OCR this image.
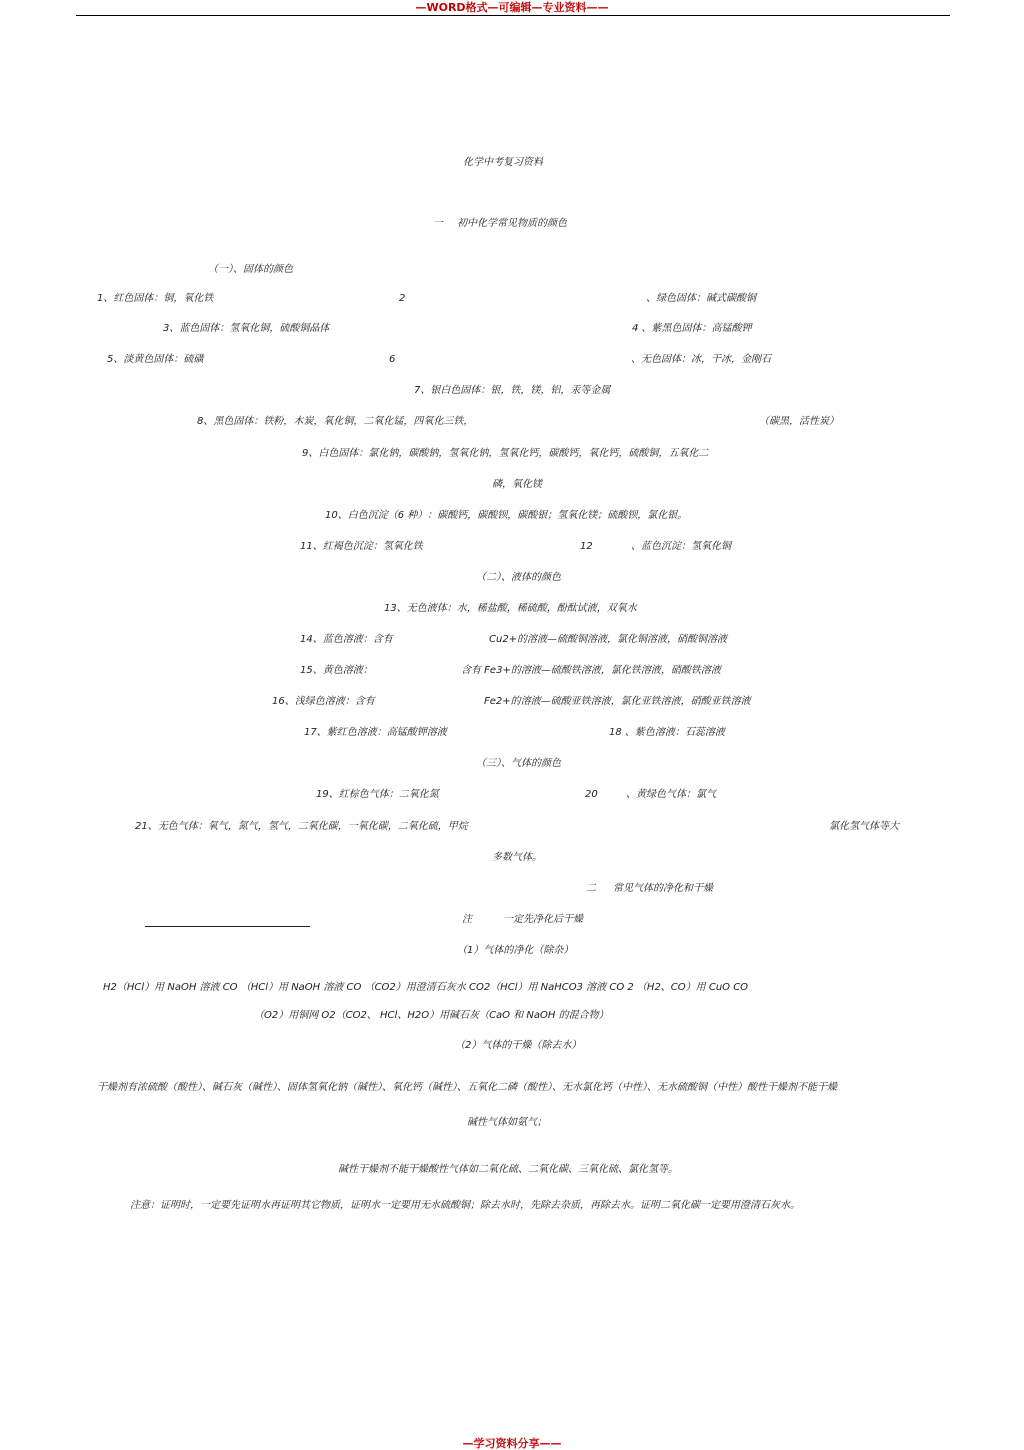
—WORD格式—可编辑—专业资料——
化学中考复习资料
一 初中化学常见物质的颜色
（一）、固体的颜色
1、红色固体：铜，氧化铁	2	、绿色固体：碱式碳酸铜
3、蓝色固体：氢氧化铜，硫酸铜晶体	4 、紫黑色固体：高锰酸钾
5、淡黄色固体：硫磺	6	、无色固体：冰，干冰，金刚石
7、银白色固体：银，铁，镁，铝，汞等金属
8、黑色固体：铁粉，木炭，氧化铜，二氧化锰，四氧化三铁，	（碳黑，活性炭）
9、白色固体：氯化钠，碳酸钠，氢氧化钠，氢氧化钙，碳酸钙，氧化钙，硫酸铜，五氧化二
磷，氧化镁
10、白色沉淀（6 种）：碳酸钙，碳酸钡，碳酸银；氢氧化镁；硫酸钡，氯化银。
11、红褐色沉淀：氢氧化铁	12	、蓝色沉淀：氢氧化铜
（二）、液体的颜色
13、无色液体：水，稀盐酸，稀硫酸，酚酞试液，双氧水
14、蓝色溶液：含有	Cu2+的溶液—硫酸铜溶液，氯化铜溶液，硝酸铜溶液
15、黄色溶液：	含有 Fe3+的溶液—硫酸铁溶液，氯化铁溶液，硝酸铁溶液
16、浅绿色溶液：含有	Fe2+的溶液—硫酸亚铁溶液，氯化亚铁溶液，硝酸亚铁溶液
17、紫红色溶液：高锰酸钾溶液	18 、紫色溶液：石蕊溶液
（三）、气体的颜色
19、红棕色气体：二氧化氮	20	、黄绿色气体：氯气
21、无色气体：氧气，氮气，氢气，二氧化碳，一氧化碳，二氧化硫，甲烷	氯化氢气体等大
多数气体。
二 常见气体的净化和干燥
注	一定先净化后干燥
（1）气体的净化（除杂）
H2（HCl）用 NaOH 溶液 CO （HCl）用 NaOH 溶液 CO （CO2）用澄清石灰水 CO2（HCl）用 NaHCO3 溶液 CO 2 （H2、CO）用 CuO CO
（O2）用铜网 O2（CO2、 HCl、H2O）用碱石灰（CaO 和 NaOH 的混合物）
（2）气体的干燥（除去水）
干燥剂有浓硫酸（酸性）、碱石灰（碱性）、固体氢氧化钠（碱性）、氧化钙（碱性）、五氧化二磷（酸性）、无水氯化钙（中性）、无水硫酸铜（中性）酸性干燥剂不能干燥
碱性气体如氨气；
碱性干燥剂不能干燥酸性气体如二氧化硫、二氧化碳、三氧化硫、氯化氢等。
注意：证明时，一定要先证明水再证明其它物质，证明水一定要用无水硫酸铜；除去水时，先除去杂质，再除去水。证明二氧化碳一定要用澄清石灰水。
—学习资料分享——
